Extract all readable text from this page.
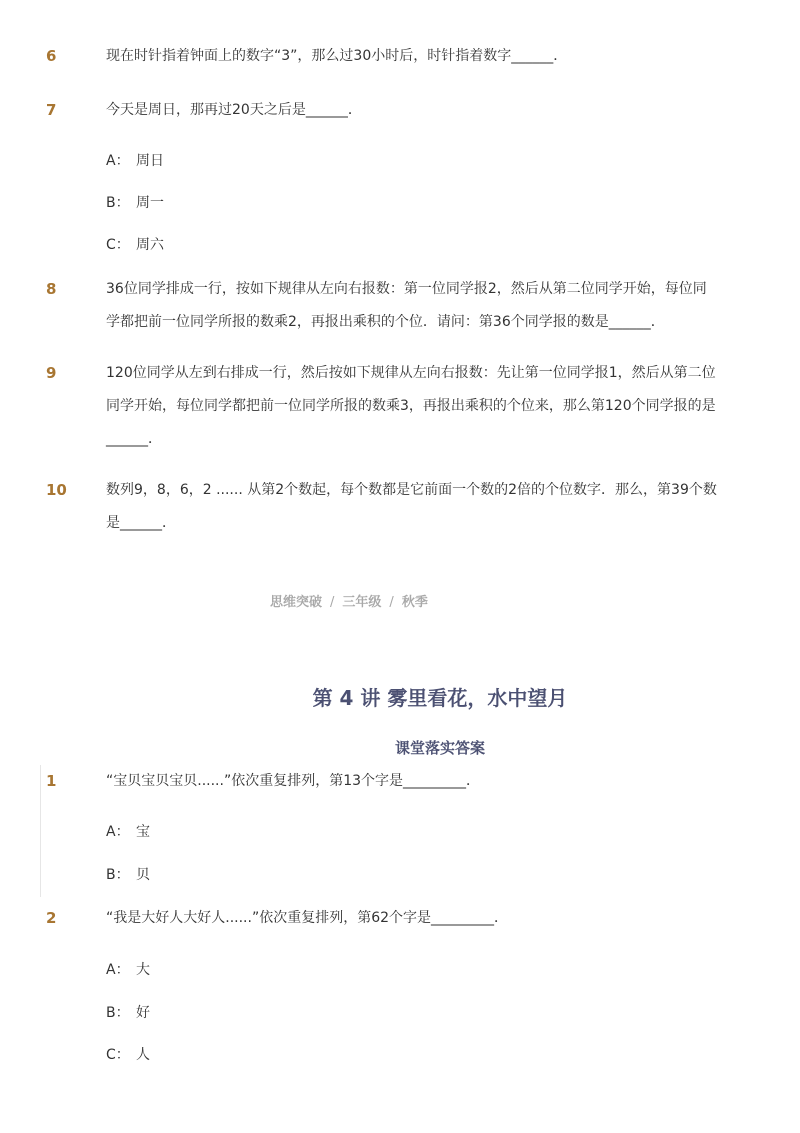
6	现在时针指着钟面上的数字“3”，那么过30小时后，时针指着数字______．
7	今天是周日，那再过20天之后是______．
A： 周日
B： 周一
C： 周六
8	36位同学排成一行，按如下规律从左向右报数：第一位同学报2，然后从第二位同学开始，每位同学都把前一位同学所报的数乘2，再报出乘积的个位．请问：第36个同学报的数是______．
9	120位同学从左到右排成一行，然后按如下规律从左向右报数：先让第一位同学报1，然后从第二位同学开始，每位同学都把前一位同学所报的数乘3，再报出乘积的个位来，那么第120个同学报的是______．
10	数列9，8，6，2 ...... 从第2个数起，每个数都是它前面一个数的2倍的个位数字．那么，第39个数是______．
思维突破 / 三年级 / 秋季
第 4 讲 雾里看花，水中望月
课堂落实答案
1	“宝贝宝贝宝贝......”依次重复排列，第13个字是_________．
A： 宝
B： 贝
2	“我是大好人大好人......”依次重复排列，第62个字是_________．
A： 大
B： 好
C： 人
